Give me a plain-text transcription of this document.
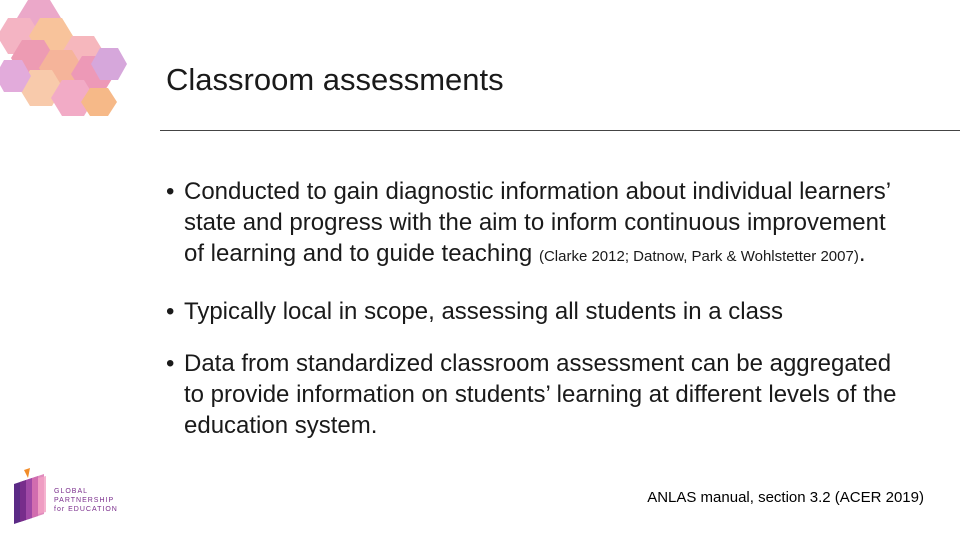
Classroom assessments
• Conducted to gain diagnostic information about individual learners’ state and progress with the aim to inform continuous improvement of learning and to guide teaching (Clarke 2012; Datnow, Park & Wohlstetter 2007).
• Typically local in scope, assessing all students in a class
• Data from standardized classroom assessment can be aggregated to provide information on students’ learning at different levels of the education system.
ANLAS manual, section 3.2 (ACER 2019)
GLOBAL
PARTNERSHIP
for EDUCATION
